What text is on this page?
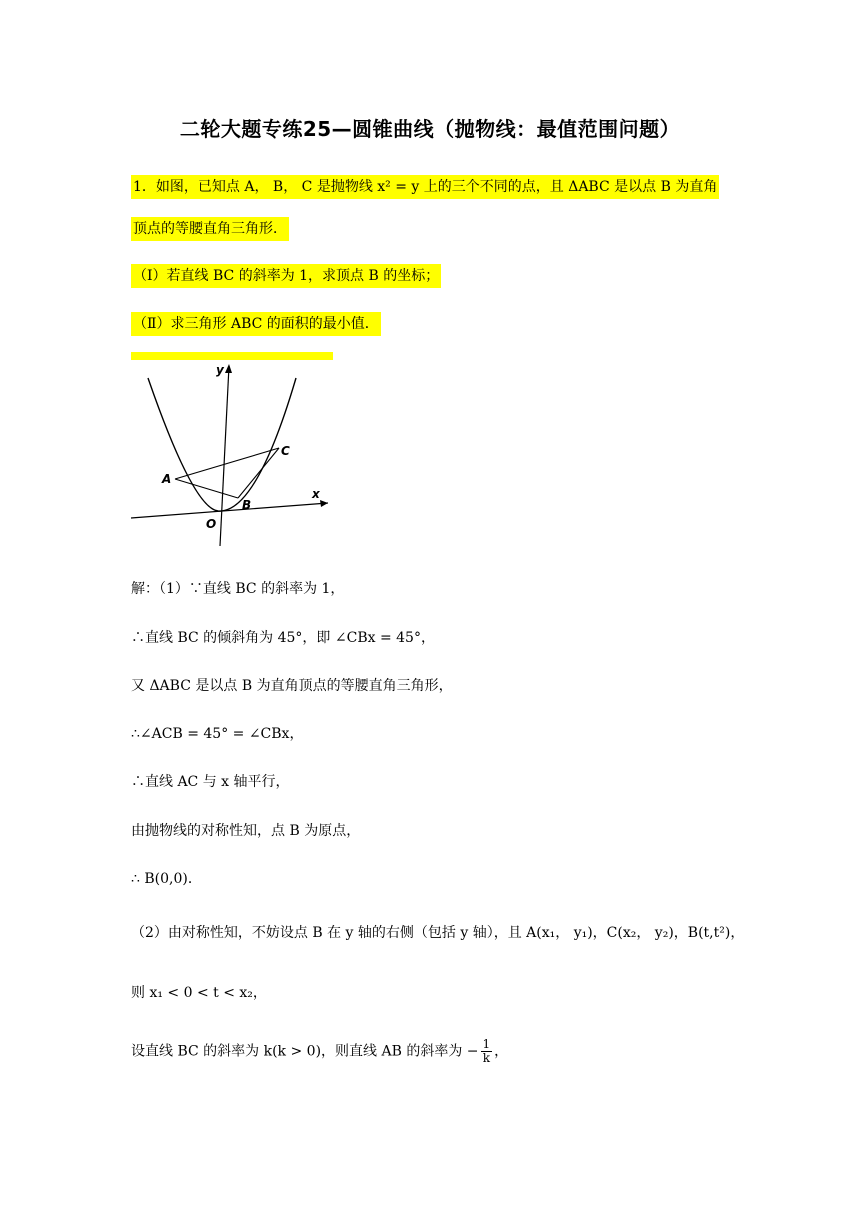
二轮大题专练25—圆锥曲线（抛物线：最值范围问题）
1．如图，已知点 A， B， C 是抛物线 x² = y 上的三个不同的点，且 ΔABC 是以点 B 为直角
顶点的等腰直角三角形．
（Ⅰ）若直线 BC 的斜率为 1，求顶点 B 的坐标；
（Ⅱ）求三角形 ABC 的面积的最小值．
y
x
O
A
B
C
解：（1）∵直线 BC 的斜率为 1，
∴直线 BC 的倾斜角为 45°，即 ∠CBx = 45°，
又 ΔABC 是以点 B 为直角顶点的等腰直角三角形，
∴∠ACB = 45° = ∠CBx，
∴直线 AC 与 x 轴平行，
由抛物线的对称性知，点 B 为原点，
∴ B(0,0)．
（2）由对称性知，不妨设点 B 在 y 轴的右侧（包括 y 轴），且 A(x₁， y₁)，C(x₂， y₂)，B(t,t²)，
则 x₁ < 0 < t < x₂，
设直线 BC 的斜率为 k(k > 0)，则直线 AB 的斜率为 − $\frac{1}{k}$ ，
